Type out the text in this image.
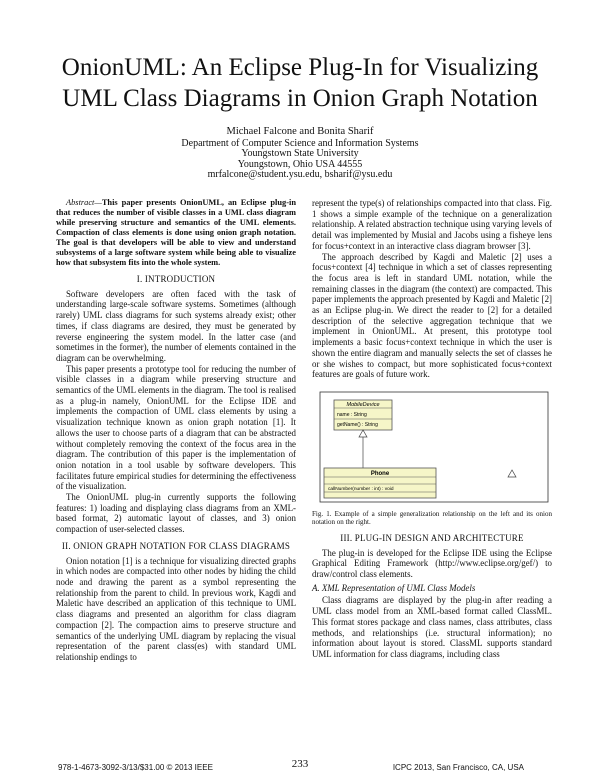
OnionUML: An Eclipse Plug-In for Visualizing
UML Class Diagrams in Onion Graph Notation
Michael Falcone and Bonita Sharif
Department of Computer Science and Information Systems
Youngstown State University
Youngstown, Ohio USA 44555
mrfalcone@student.ysu.edu, bsharif@ysu.edu

Abstract—This paper presents OnionUML, an Eclipse plug-in that reduces the number of visible classes in a UML class diagram while preserving structure and semantics of the UML elements. Compaction of class elements is done using onion graph notation. The goal is that developers will be able to view and understand subsystems of a large software system while being able to visualize how that subsystem fits into the whole system.

I. INTRODUCTION

Software developers are often faced with the task of understanding large-scale software systems. Sometimes (although rarely) UML class diagrams for such systems already exist; other times, if class diagrams are desired, they must be generated by reverse engineering the system model. In the latter case (and sometimes in the former), the number of elements contained in the diagram can be overwhelming.

This paper presents a prototype tool for reducing the number of visible classes in a diagram while preserving structure and semantics of the UML elements in the diagram. The tool is realised as a plug-in namely, OnionUML for the Eclipse IDE and implements the compaction of UML class elements by using a visualization technique known as onion graph notation [1]. It allows the user to choose parts of a diagram that can be abstracted without completely removing the context of the focus area in the diagram. The contribution of this paper is the implementation of onion notation in a tool usable by software developers. This facilitates future empirical studies for determining the effectiveness of the visualization.

The OnionUML plug-in currently supports the following features: 1) loading and displaying class diagrams from an XML-based format, 2) automatic layout of classes, and 3) onion compaction of user-selected classes.

II. ONION GRAPH NOTATION FOR CLASS DIAGRAMS

Onion notation [1] is a technique for visualizing directed graphs in which nodes are compacted into other nodes by hiding the child node and drawing the parent as a symbol representing the relationship from the parent to child. In previous work, Kagdi and Maletic have described an application of this technique to UML class diagrams and presented an algorithm for class diagram compaction [2]. The compaction aims to preserve structure and semantics of the underlying UML diagram by replacing the visual representation of the parent class(es) with standard UML relationship endings to

represent the type(s) of relationships compacted into that class. Fig. 1 shows a simple example of the technique on a generalization relationship. A related abstraction technique using varying levels of detail was implemented by Musial and Jacobs using a fisheye lens for focus+context in an interactive class diagram browser [3].

The approach described by Kagdi and Maletic [2] uses a focus+context [4] technique in which a set of classes representing the focus area is left in standard UML notation, while the remaining classes in the diagram (the context) are compacted. This paper implements the approach presented by Kagdi and Maletic [2] as an Eclipse plug-in. We direct the reader to [2] for a detailed description of the selective aggregation technique that we implement in OnionUML. At present, this prototype tool implements a basic focus+context technique in which the user is shown the entire diagram and manually selects the set of classes he or she wishes to compact, but more sophisticated focus+context features are goals of future work.

MobileDevice
name : String
getName() : String
Phone
callNumber(number : int) : void

Fig. 1. Example of a simple generalization relationship on the left and its onion notation on the right.

III. PLUG-IN DESIGN AND ARCHITECTURE

The plug-in is developed for the Eclipse IDE using the Eclipse Graphical Editing Framework (http://www.eclipse.org/gef/) to draw/control class elements.

A. XML Representation of UML Class Models

Class diagrams are displayed by the plug-in after reading a UML class model from an XML-based format called ClassML. This format stores package and class names, class attributes, class methods, and relationships (i.e. structural information); no information about layout is stored. ClassML supports standard UML information for class diagrams, including class

978-1-4673-3092-3/13/$31.00 © 2013 IEEE	233	ICPC 2013, San Francisco, CA, USA
